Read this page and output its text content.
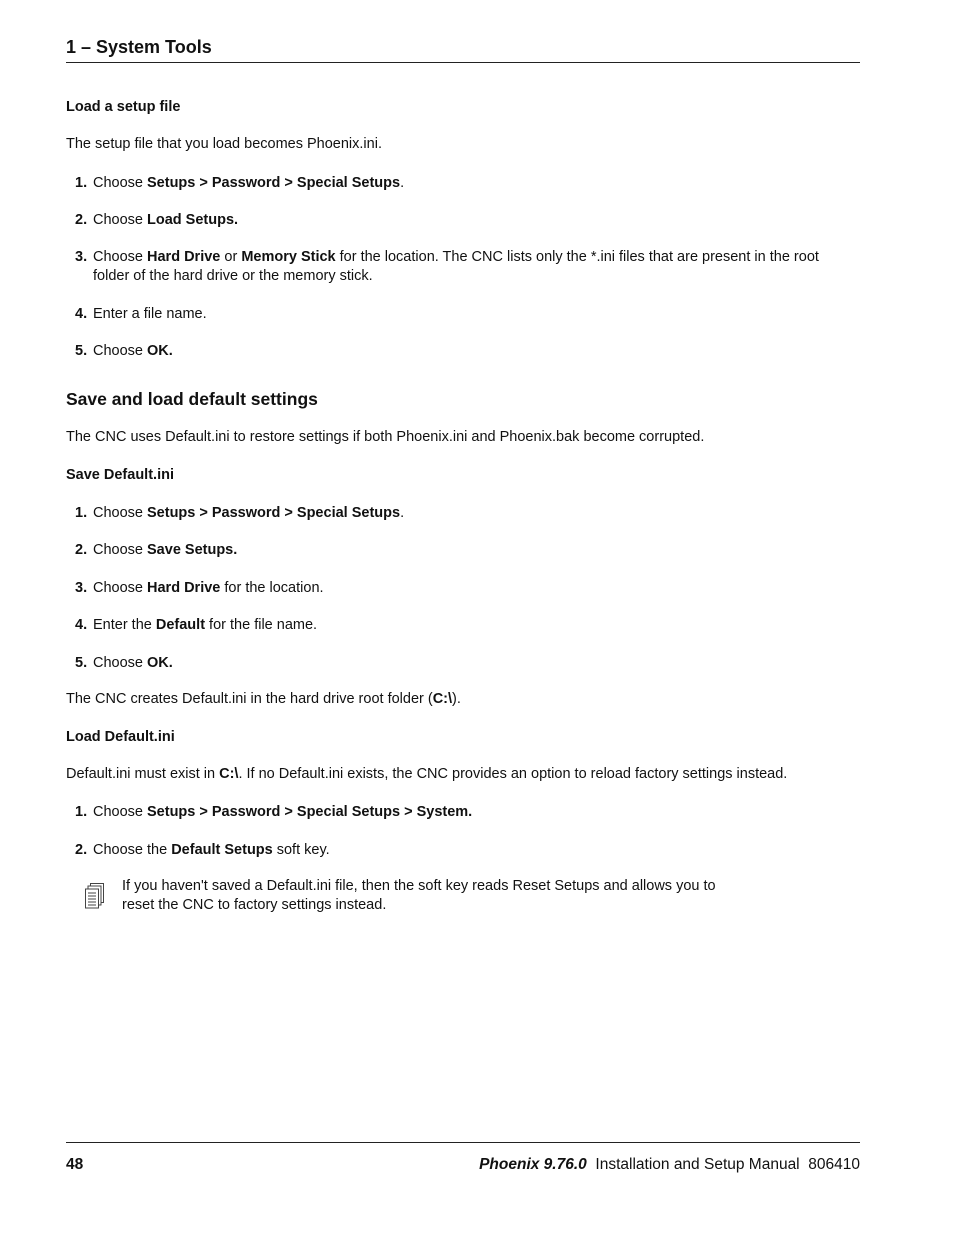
1 – System Tools
Load a setup file
The setup file that you load becomes Phoenix.ini.
1. Choose Setups > Password > Special Setups.
2. Choose Load Setups.
3. Choose Hard Drive or Memory Stick for the location. The CNC lists only the *.ini files that are present in the root folder of the hard drive or the memory stick.
4. Enter a file name.
5. Choose OK.
Save and load default settings
The CNC uses Default.ini to restore settings if both Phoenix.ini and Phoenix.bak become corrupted.
Save Default.ini
1. Choose Setups > Password > Special Setups.
2. Choose Save Setups.
3. Choose Hard Drive for the location.
4. Enter the Default for the file name.
5. Choose OK.
The CNC creates Default.ini in the hard drive root folder (C:\).
Load Default.ini
Default.ini must exist in C:\. If no Default.ini exists, the CNC provides an option to reload factory settings instead.
1. Choose Setups > Password > Special Setups > System.
2. Choose the Default Setups soft key.
If you haven't saved a Default.ini file, then the soft key reads Reset Setups and allows you to reset the CNC to factory settings instead.
48	Phoenix 9.76.0 Installation and Setup Manual 806410
